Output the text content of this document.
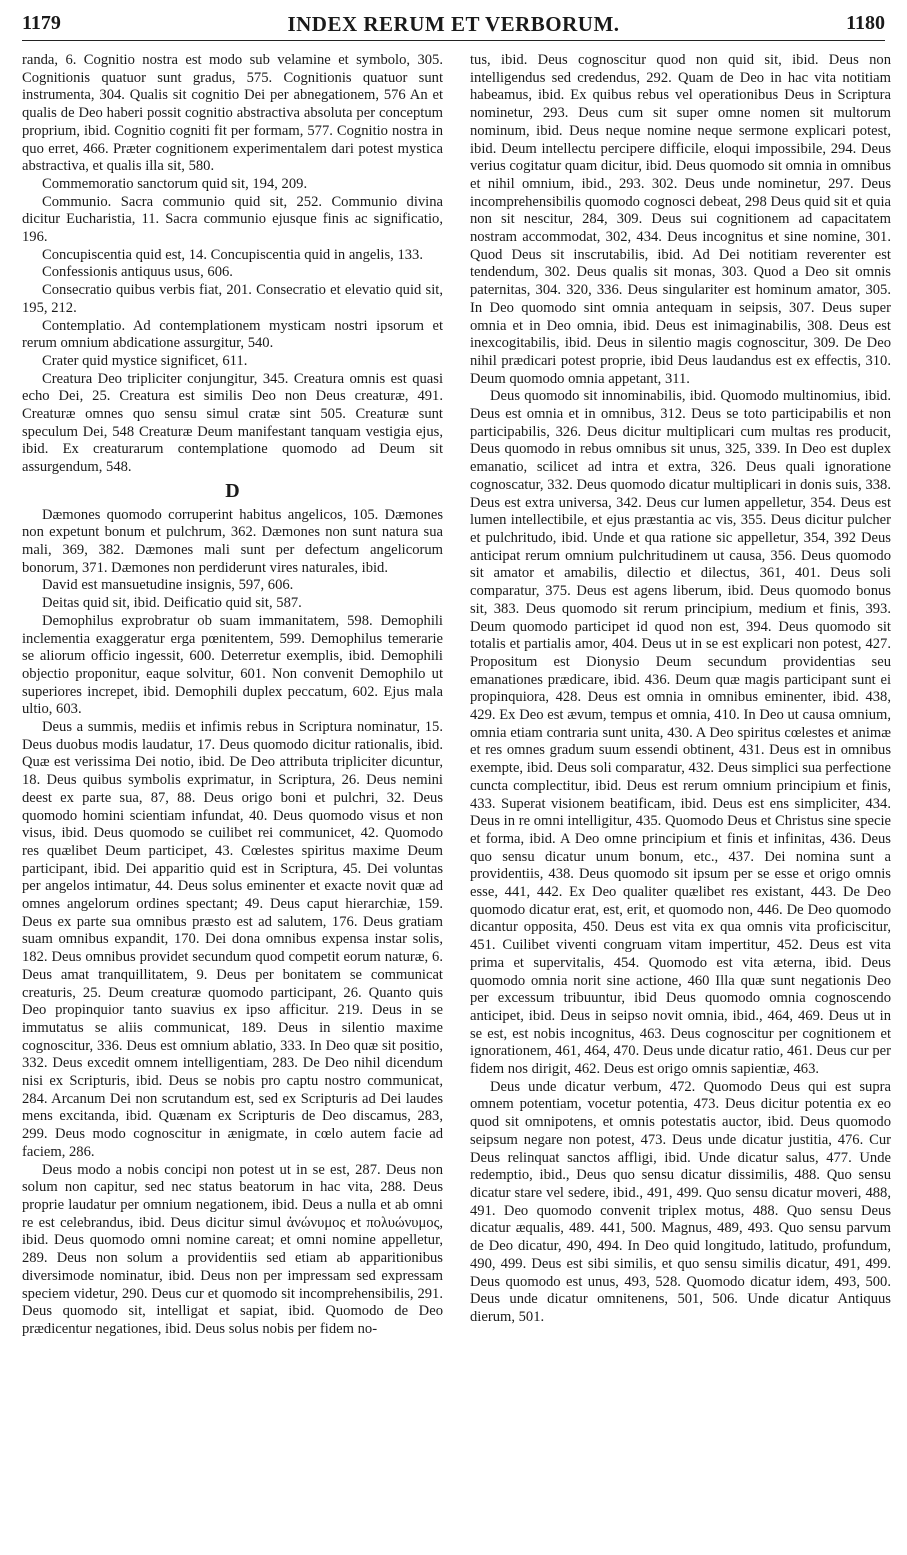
1179	INDEX RERUM ET VERBORUM.	1180

randa, 6. Cognitio nostra est modo sub velamine et symbolo, 305. Cognitionis quatuor sunt gradus, 575. Cognitionis quatuor sunt instrumenta, 304. Qualis sit cognitio Dei per abnegationem, 576 An et qualis de Deo haberi possit cognitio abstractiva absoluta per conceptum proprium, ibid. Cognitio cogniti fit per formam, 577. Cognitio nostra in quo erret, 466. Præter cognitionem experimentalem dari potest mystica abstractiva, et qualis illa sit, 580.

Commemoratio sanctorum quid sit, 194, 209.

Communio. Sacra communio quid sit, 252. Communio divina dicitur Eucharistia, 11. Sacra communio ejusque finis ac significatio, 196.

Concupiscentia quid est, 14. Concupiscentia quid in angelis, 133.

Confessionis antiquus usus, 606.

Consecratio quibus verbis fiat, 201. Consecratio et elevatio quid sit, 195, 212.

Contemplatio. Ad contemplationem mysticam nostri ipsorum et rerum omnium abdicatione assurgitur, 540.

Crater quid mystice significet, 611.

Creatura Deo tripliciter conjungitur, 345. Creatura omnis est quasi echo Dei, 25. Creatura est similis Deo non Deus creaturæ, 491. Creaturæ omnes quo sensu simul cratæ sint 505. Creaturæ sunt speculum Dei, 548 Creaturæ Deum manifestant tanquam vestigia ejus, ibid. Ex creaturarum contemplatione quomodo ad Deum sit assurgendum, 548.

D

Dæmones quomodo corruperint habitus angelicos, 105. Dæmones non expetunt bonum et pulchrum, 362. Dæmones non sunt natura sua mali, 369, 382. Dæmones mali sunt per defectum angelicorum bonorum, 371. Dæmones non perdiderunt vires naturales, ibid.

David est mansuetudine insignis, 597, 606.

Deitas quid sit, ibid. Deificatio quid sit, 587.

Demophilus exprobratur ob suam immanitatem, 598. Demophili inclementia exaggeratur erga pœnitentem, 599. Demophilus temerarie se aliorum officio ingessit, 600. Deterretur exemplis, ibid. Demophili objectio proponitur, eaque solvitur, 601. Non convenit Demophilo ut superiores increpet, ibid. Demophili duplex peccatum, 602. Ejus mala ultio, 603.

Deus a summis, mediis et infimis rebus in Scriptura nominatur, 15. Deus duobus modis laudatur, 17. Deus quomodo dicitur rationalis, ibid. Quæ est verissima Dei notio, ibid. De Deo attributa tripliciter dicuntur, 18. Deus quibus symbolis exprimatur, in Scriptura, 26. Deus nemini deest ex parte sua, 87, 88. Deus origo boni et pulchri, 32. Deus quomodo homini scientiam infundat, 40. Deus quomodo visus et non visus, ibid. Deus quomodo se cuilibet rei communicet, 42. Quomodo res quælibet Deum participet, 43. Cœlestes spiritus maxime Deum participant, ibid. Dei apparitio quid est in Scriptura, 45. Dei voluntas per angelos intimatur, 44. Deus solus eminenter et exacte novit quæ ad omnes angelorum ordines spectant; 49. Deus caput hierarchiæ, 159. Deus ex parte sua omnibus præsto est ad salutem, 176. Deus gratiam suam omnibus expandit, 170. Dei dona omnibus expensa instar solis, 182. Deus omnibus providet secundum quod competit eorum naturæ, 6. Deus amat tranquillitatem, 9. Deus per bonitatem se communicat creaturis, 25. Deum creaturæ quomodo participant, 26. Quanto quis Deo propinquior tanto suavius ex ipso afficitur. 219. Deus in se immutatus se aliis communicat, 189. Deus in silentio maxime cognoscitur, 336. Deus est omnium ablatio, 333. In Deo quæ sit positio, 332. Deus excedit omnem intelligentiam, 283. De Deo nihil dicendum nisi ex Scripturis, ibid. Deus se nobis pro captu nostro communicat, 284. Arcanum Dei non scrutandum est, sed ex Scripturis ad Dei laudes mens excitanda, ibid. Quænam ex Scripturis de Deo discamus, 283, 299. Deus modo cognoscitur in ænigmate, in cœlo autem facie ad faciem, 286.

Deus modo a nobis concipi non potest ut in se est, 287. Deus non solum non capitur, sed nec status beatorum in hac vita, 288. Deus proprie laudatur per omnium negationem, ibid. Deus a nulla et ab omni re est celebrandus, ibid. Deus dicitur simul ἀνώνυμος et πολυώνυμος, ibid. Deus quomodo omni nomine careat; et omni nomine appelletur, 289. Deus non solum a providentiis sed etiam ab apparitionibus diversimode nominatur, ibid. Deus non per impressam sed expressam speciem videtur, 290. Deus cur et quomodo sit incomprehensibilis, 291. Deus quomodo sit, intelligat et sapiat, ibid. Quomodo de Deo prædicentur negationes, ibid. Deus solus nobis per fidem no-

tus, ibid. Deus cognoscitur quod non quid sit, ibid. Deus non intelligendus sed credendus, 292. Quam de Deo in hac vita notitiam habeamus, ibid. Ex quibus rebus vel operationibus Deus in Scriptura nominetur, 293. Deus cum sit super omne nomen sit multorum nominum, ibid. Deus neque nomine neque sermone explicari potest, ibid. Deum intellectu percipere difficile, eloqui impossibile, 294. Deus verius cogitatur quam dicitur, ibid. Deus quomodo sit omnia in omnibus et nihil omnium, ibid., 293. 302. Deus unde nominetur, 297. Deus incomprehensibilis quomodo cognosci debeat, 298 Deus quid sit et quia non sit nescitur, 284, 309. Deus sui cognitionem ad capacitatem nostram accommodat, 302, 434. Deus incognitus et sine nomine, 301. Quod Deus sit inscrutabilis, ibid. Ad Dei notitiam reverenter est tendendum, 302. Deus qualis sit monas, 303. Quod a Deo sit omnis paternitas, 304. 320, 336. Deus singulariter est hominum amator, 305. In Deo quomodo sint omnia antequam in seipsis, 307. Deus super omnia et in Deo omnia, ibid. Deus est inimaginabilis, 308. Deus est inexcogitabilis, ibid. Deus in silentio magis cognoscitur, 309. De Deo nihil prædicari potest proprie, ibid Deus laudandus est ex effectis, 310. Deum quomodo omnia appetant, 311.

Deus quomodo sit innominabilis, ibid. Quomodo multinomius, ibid. Deus est omnia et in omnibus, 312. Deus se toto participabilis et non participabilis, 326. Deus dicitur multiplicari cum multas res producit, Deus quomodo in rebus omnibus sit unus, 325, 339. In Deo est duplex emanatio, scilicet ad intra et extra, 326. Deus quali ignoratione cognoscatur, 332. Deus quomodo dicatur multiplicari in donis suis, 338. Deus est extra universa, 342. Deus cur lumen appelletur, 354. Deus est lumen intellectibile, et ejus præstantia ac vis, 355. Deus dicitur pulcher et pulchritudo, ibid. Unde et qua ratione sic appelletur, 354, 392 Deus anticipat rerum omnium pulchritudinem ut causa, 356. Deus quomodo sit amator et amabilis, dilectio et dilectus, 361, 401. Deus soli comparatur, 375. Deus est agens liberum, ibid. Deus quomodo bonus sit, 383. Deus quomodo sit rerum principium, medium et finis, 393. Deum quomodo participet id quod non est, 394. Deus quomodo sit totalis et partialis amor, 404. Deus ut in se est explicari non potest, 427. Propositum est Dionysio Deum secundum providentias seu emanationes prædicare, ibid. 436. Deum quæ magis participant sunt ei propinquiora, 428. Deus est omnia in omnibus eminenter, ibid. 438, 429. Ex Deo est ævum, tempus et omnia, 410. In Deo ut causa omnium, omnia etiam contraria sunt unita, 430. A Deo spiritus cœlestes et animæ et res omnes gradum suum essendi obtinent, 431. Deus est in omnibus exempte, ibid. Deus soli comparatur, 432. Deus simplici sua perfectione cuncta complectitur, ibid. Deus est rerum omnium principium et finis, 433. Superat visionem beatificam, ibid. Deus est ens simpliciter, 434. Deus in re omni intelligitur, 435. Quomodo Deus et Christus sine specie et forma, ibid. A Deo omne principium et finis et infinitas, 436. Deus quo sensu dicatur unum bonum, etc., 437. Dei nomina sunt a providentiis, 438. Deus quomodo sit ipsum per se esse et origo omnis esse, 441, 442. Ex Deo qualiter quælibet res existant, 443. De Deo quomodo dicatur erat, est, erit, et quomodo non, 446. De Deo quomodo dicantur opposita, 450. Deus est vita ex qua omnis vita proficiscitur, 451. Cuilibet viventi congruam vitam impertitur, 452. Deus est vita prima et supervitalis, 454. Quomodo est vita æterna, ibid. Deus quomodo omnia norit sine actione, 460 Illa quæ sunt negationis Deo per excessum tribuuntur, ibid Deus quomodo omnia cognoscendo anticipet, ibid. Deus in seipso novit omnia, ibid., 464, 469. Deus ut in se est, est nobis incognitus, 463. Deus cognoscitur per cognitionem et ignorationem, 461, 464, 470. Deus unde dicatur ratio, 461. Deus cur per fidem nos dirigit, 462. Deus est origo omnis sapientiæ, 463.

Deus unde dicatur verbum, 472. Quomodo Deus qui est supra omnem potentiam, vocetur potentia, 473. Deus dicitur potentia ex eo quod sit omnipotens, et omnis potestatis auctor, ibid. Deus quomodo seipsum negare non potest, 473. Deus unde dicatur justitia, 476. Cur Deus relinquat sanctos affligi, ibid. Unde dicatur salus, 477. Unde redemptio, ibid., Deus quo sensu dicatur dissimilis, 488. Quo sensu dicatur stare vel sedere, ibid., 491, 499. Quo sensu dicatur moveri, 488, 491. Deo quomodo convenit triplex motus, 488. Quo sensu Deus dicatur æqualis, 489. 441, 500. Magnus, 489, 493. Quo sensu parvum de Deo dicatur, 490, 494. In Deo quid longitudo, latitudo, profundum, 490, 499. Deus est sibi similis, et quo sensu similis dicatur, 491, 499. Deus quomodo est unus, 493, 528. Quomodo dicatur idem, 493, 500. Deus unde dicatur omnitenens, 501, 506. Unde dicatur Antiquus dierum, 501.
